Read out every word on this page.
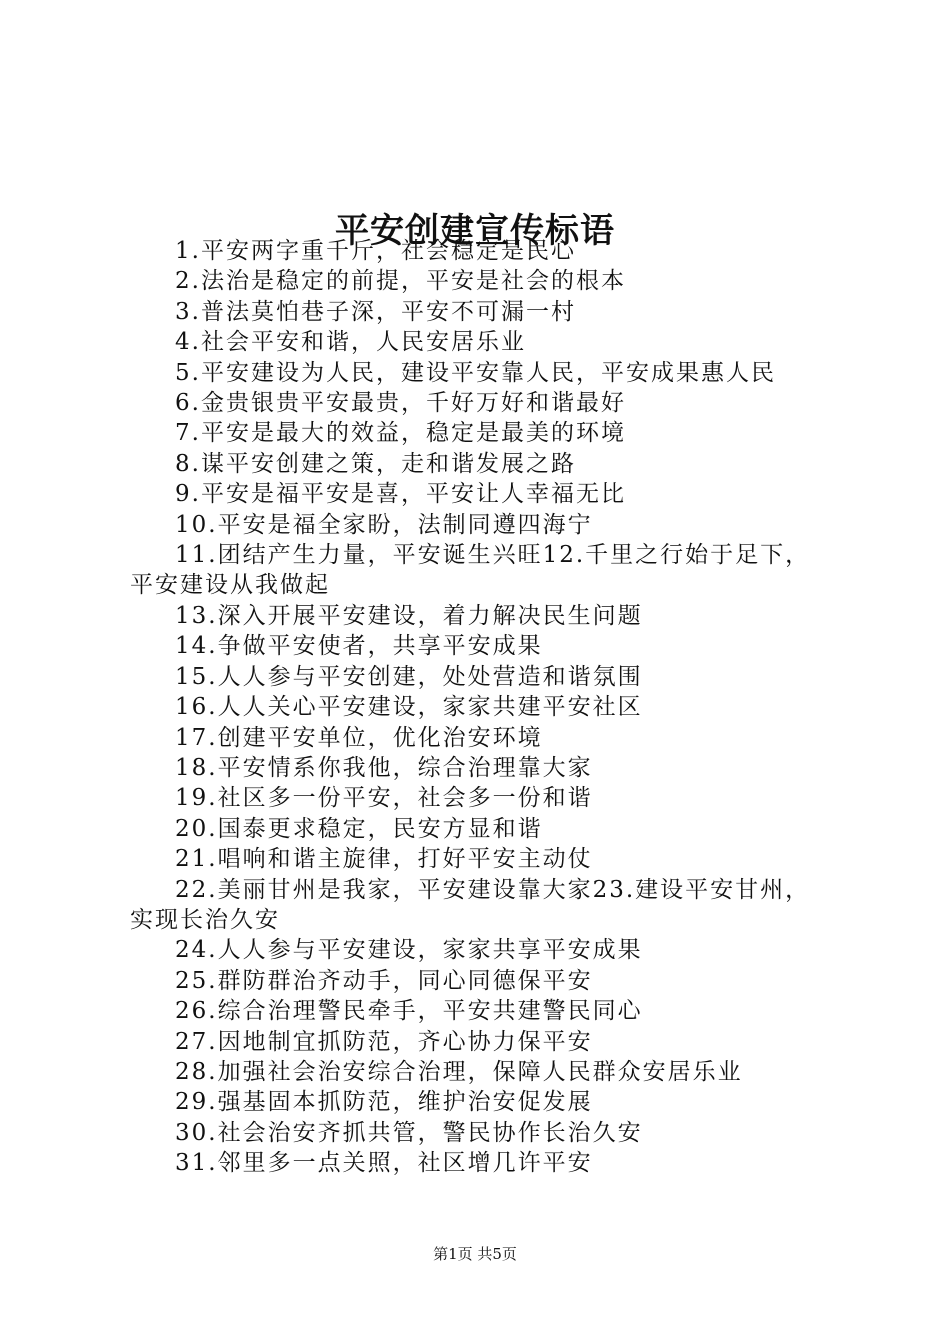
平安创建宣传标语
1.平安两字重千斤，社会稳定是民心
2.法治是稳定的前提，平安是社会的根本
3.普法莫怕巷子深，平安不可漏一村
4.社会平安和谐，人民安居乐业
5.平安建设为人民，建设平安靠人民，平安成果惠人民
6.金贵银贵平安最贵，千好万好和谐最好
7.平安是最大的效益，稳定是最美的环境
8.谋平安创建之策，走和谐发展之路
9.平安是福平安是喜，平安让人幸福无比
10.平安是福全家盼，法制同遵四海宁
11.团结产生力量，平安诞生兴旺12.千里之行始于足下，平安建设从我做起
13.深入开展平安建设，着力解决民生问题
14.争做平安使者，共享平安成果
15.人人参与平安创建，处处营造和谐氛围
16.人人关心平安建设，家家共建平安社区
17.创建平安单位，优化治安环境
18.平安情系你我他，综合治理靠大家
19.社区多一份平安，社会多一份和谐
20.国泰更求稳定，民安方显和谐
21.唱响和谐主旋律，打好平安主动仗
22.美丽甘州是我家，平安建设靠大家23.建设平安甘州，实现长治久安
24.人人参与平安建设，家家共享平安成果
25.群防群治齐动手，同心同德保平安
26.综合治理警民牵手，平安共建警民同心
27.因地制宜抓防范，齐心协力保平安
28.加强社会治安综合治理，保障人民群众安居乐业
29.强基固本抓防范，维护治安促发展
30.社会治安齐抓共管，警民协作长治久安
31.邻里多一点关照，社区增几许平安
第1页 共5页
